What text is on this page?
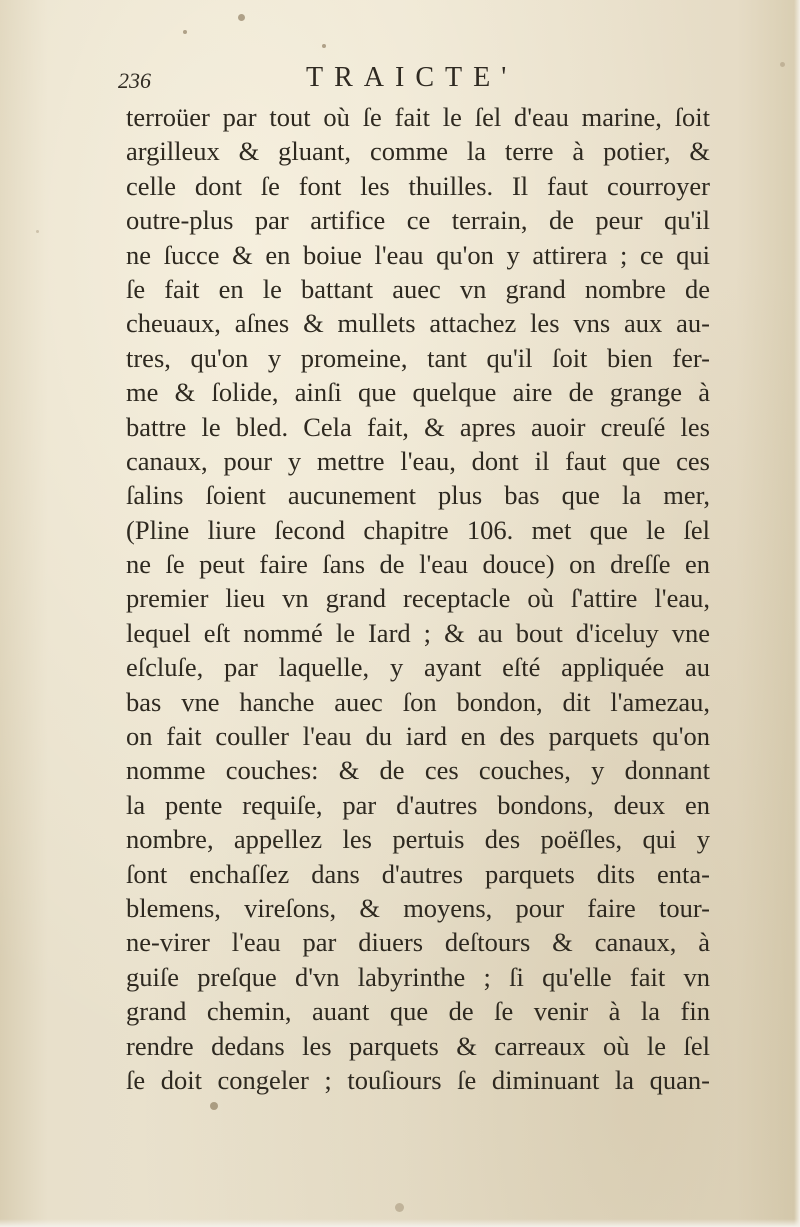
236	TRAICTE'
terroüer par tout où ſe fait le ſel d'eau marine, ſoit
argilleux & gluant, comme la terre à potier, &
celle dont ſe font les thuilles. Il faut courroyer
outre-plus par artifice ce terrain, de peur qu'il
ne ſucce & en boiue l'eau qu'on y attirera ; ce qui
ſe fait en le battant auec vn grand nombre de
cheuaux, aſnes & mullets attachez les vns aux au-
tres, qu'on y promeine, tant qu'il ſoit bien fer-
me & ſolide, ainſi que quelque aire de grange à
battre le bled. Cela fait, & apres auoir creuſé les
canaux, pour y mettre l'eau, dont il faut que ces
ſalins ſoient aucunement plus bas que la mer,
(Pline liure ſecond chapitre 106. met que le ſel
ne ſe peut faire ſans de l'eau douce) on dreſſe en
premier lieu vn grand receptacle où ſ'attire l'eau,
lequel eſt nommé le Iard ; & au bout d'iceluy vne
eſcluſe, par laquelle, y ayant eſté appliquée au
bas vne hanche auec ſon bondon, dit l'amezau,
on fait couller l'eau du iard en des parquets qu'on
nomme couches: & de ces couches, y donnant
la pente requiſe, par d'autres bondons, deux en
nombre, appellez les pertuis des poëſles, qui y
ſont enchaſſez dans d'autres parquets dits enta-
blemens, vireſons, & moyens, pour faire tour-
ne-virer l'eau par diuers deſtours & canaux, à
guiſe preſque d'vn labyrinthe ; ſi qu'elle fait vn
grand chemin, auant que de ſe venir à la fin
rendre dedans les parquets & carreaux où le ſel
ſe doit congeler ; touſiours ſe diminuant la quan-
